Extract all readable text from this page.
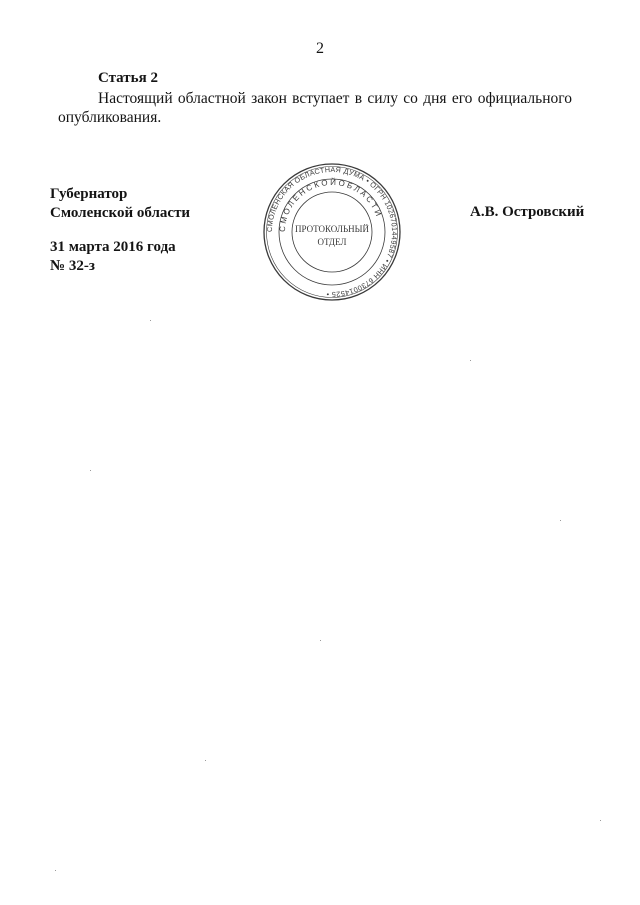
2
Статья 2
Настоящий областной закон вступает в силу со дня его официального опубликования.
Губернатор
Смоленской области
31 марта 2016 года
№ 32-з
А.В. Островский
СМОЛЕНСКАЯ ОБЛАСТНАЯ ДУМА • ОГРН 1026701449587 • ИНН 6730014525 •
С М О Л Е Н С К О Й О Б Л А С Т И
ПРОТОКОЛЬНЫЙ
ОТДЕЛ
